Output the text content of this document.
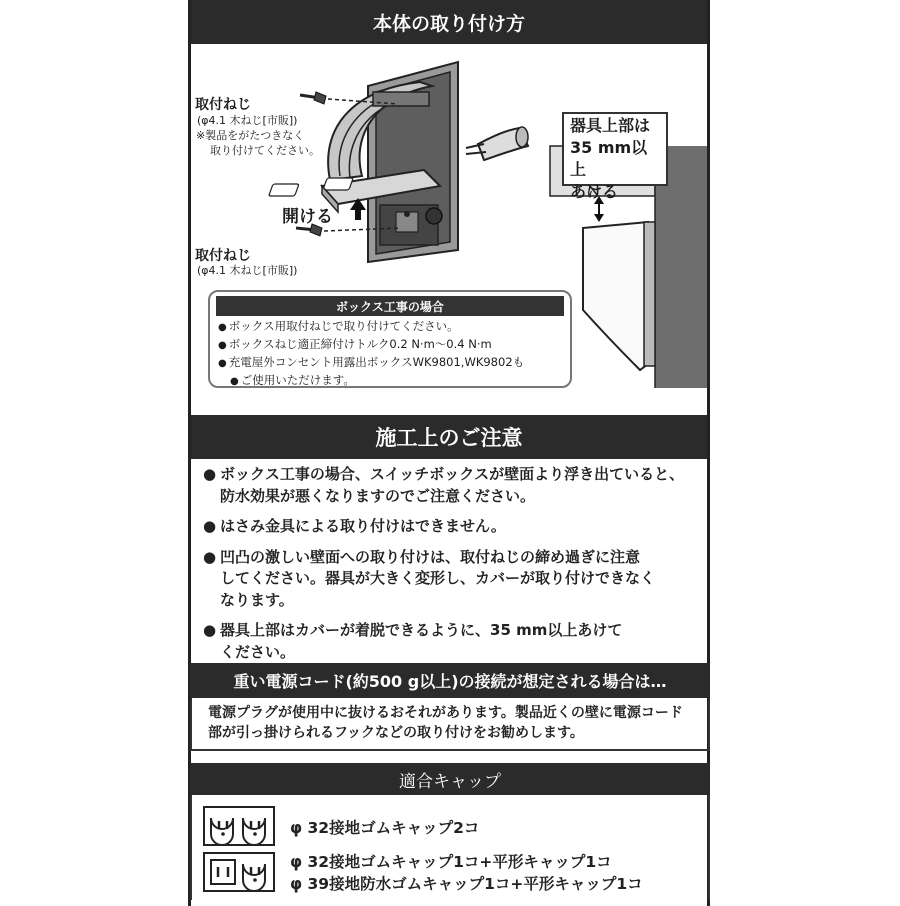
本体の取り付け方
取付ねじ
(φ4.1 木ねじ[市販])
※製品をがたつきなく
取り付けてください。
開ける
取付ねじ
(φ4.1 木ねじ[市販])
器具上部は
35 mm以上
あける
ボックス工事の場合
● ボックス用取付ねじで取り付けてください。
● ボックスねじ適正締付けトルク0.2 N·m〜0.4 N·m
● 充電屋外コンセント用露出ボックスWK9801,WK9802も
● ご使用いただけます。
施工上のご注意
● ボックス工事の場合、スイッチボックスが壁面より浮き出ていると、
防水効果が悪くなりますのでご注意ください。
● はさみ金具による取り付けはできません。
● 凹凸の激しい壁面への取り付けは、取付ねじの締め過ぎに注意
してください。器具が大きく変形し、カバーが取り付けできなく
なります。
● 器具上部はカバーが着脱できるように、35 mm以上あけて
ください。
重い電源コード(約500 g以上)の接続が想定される場合は…
電源プラグが使用中に抜けるおそれがあります。製品近くの壁に電源コード
部が引っ掛けられるフックなどの取り付けをお勧めします。
適合キャップ
φ 32接地ゴムキャップ2コ
φ 32接地ゴムキャップ1コ+平形キャップ1コ
φ 39接地防水ゴムキャップ1コ+平形キャップ1コ
